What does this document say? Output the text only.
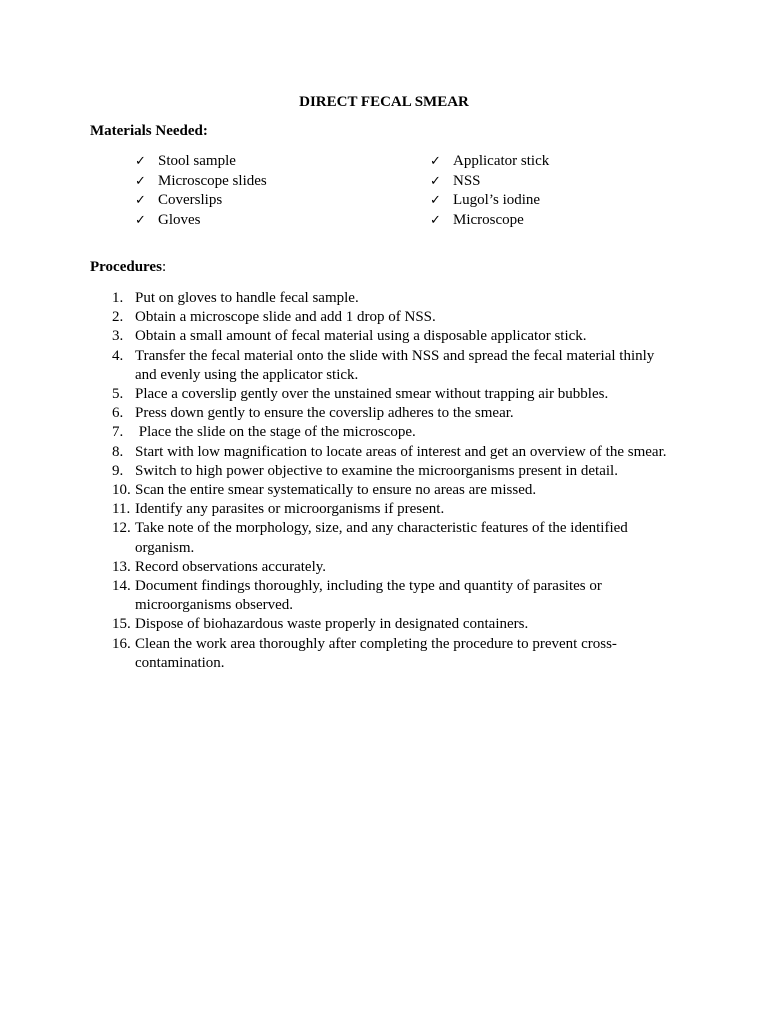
DIRECT FECAL SMEAR
Materials Needed:
✓ Stool sample
✓ Microscope slides
✓ Coverslips
✓ Gloves
✓ Applicator stick
✓ NSS
✓ Lugol’s iodine
✓ Microscope
Procedures:
1. Put on gloves to handle fecal sample.
2. Obtain a microscope slide and add 1 drop of NSS.
3. Obtain a small amount of fecal material using a disposable applicator stick.
4. Transfer the fecal material onto the slide with NSS and spread the fecal material thinly and evenly using the applicator stick.
5. Place a coverslip gently over the unstained smear without trapping air bubbles.
6. Press down gently to ensure the coverslip adheres to the smear.
7. Place the slide on the stage of the microscope.
8. Start with low magnification to locate areas of interest and get an overview of the smear.
9. Switch to high power objective to examine the microorganisms present in detail.
10. Scan the entire smear systematically to ensure no areas are missed.
11. Identify any parasites or microorganisms if present.
12. Take note of the morphology, size, and any characteristic features of the identified organism.
13. Record observations accurately.
14. Document findings thoroughly, including the type and quantity of parasites or microorganisms observed.
15. Dispose of biohazardous waste properly in designated containers.
16. Clean the work area thoroughly after completing the procedure to prevent cross-contamination.
